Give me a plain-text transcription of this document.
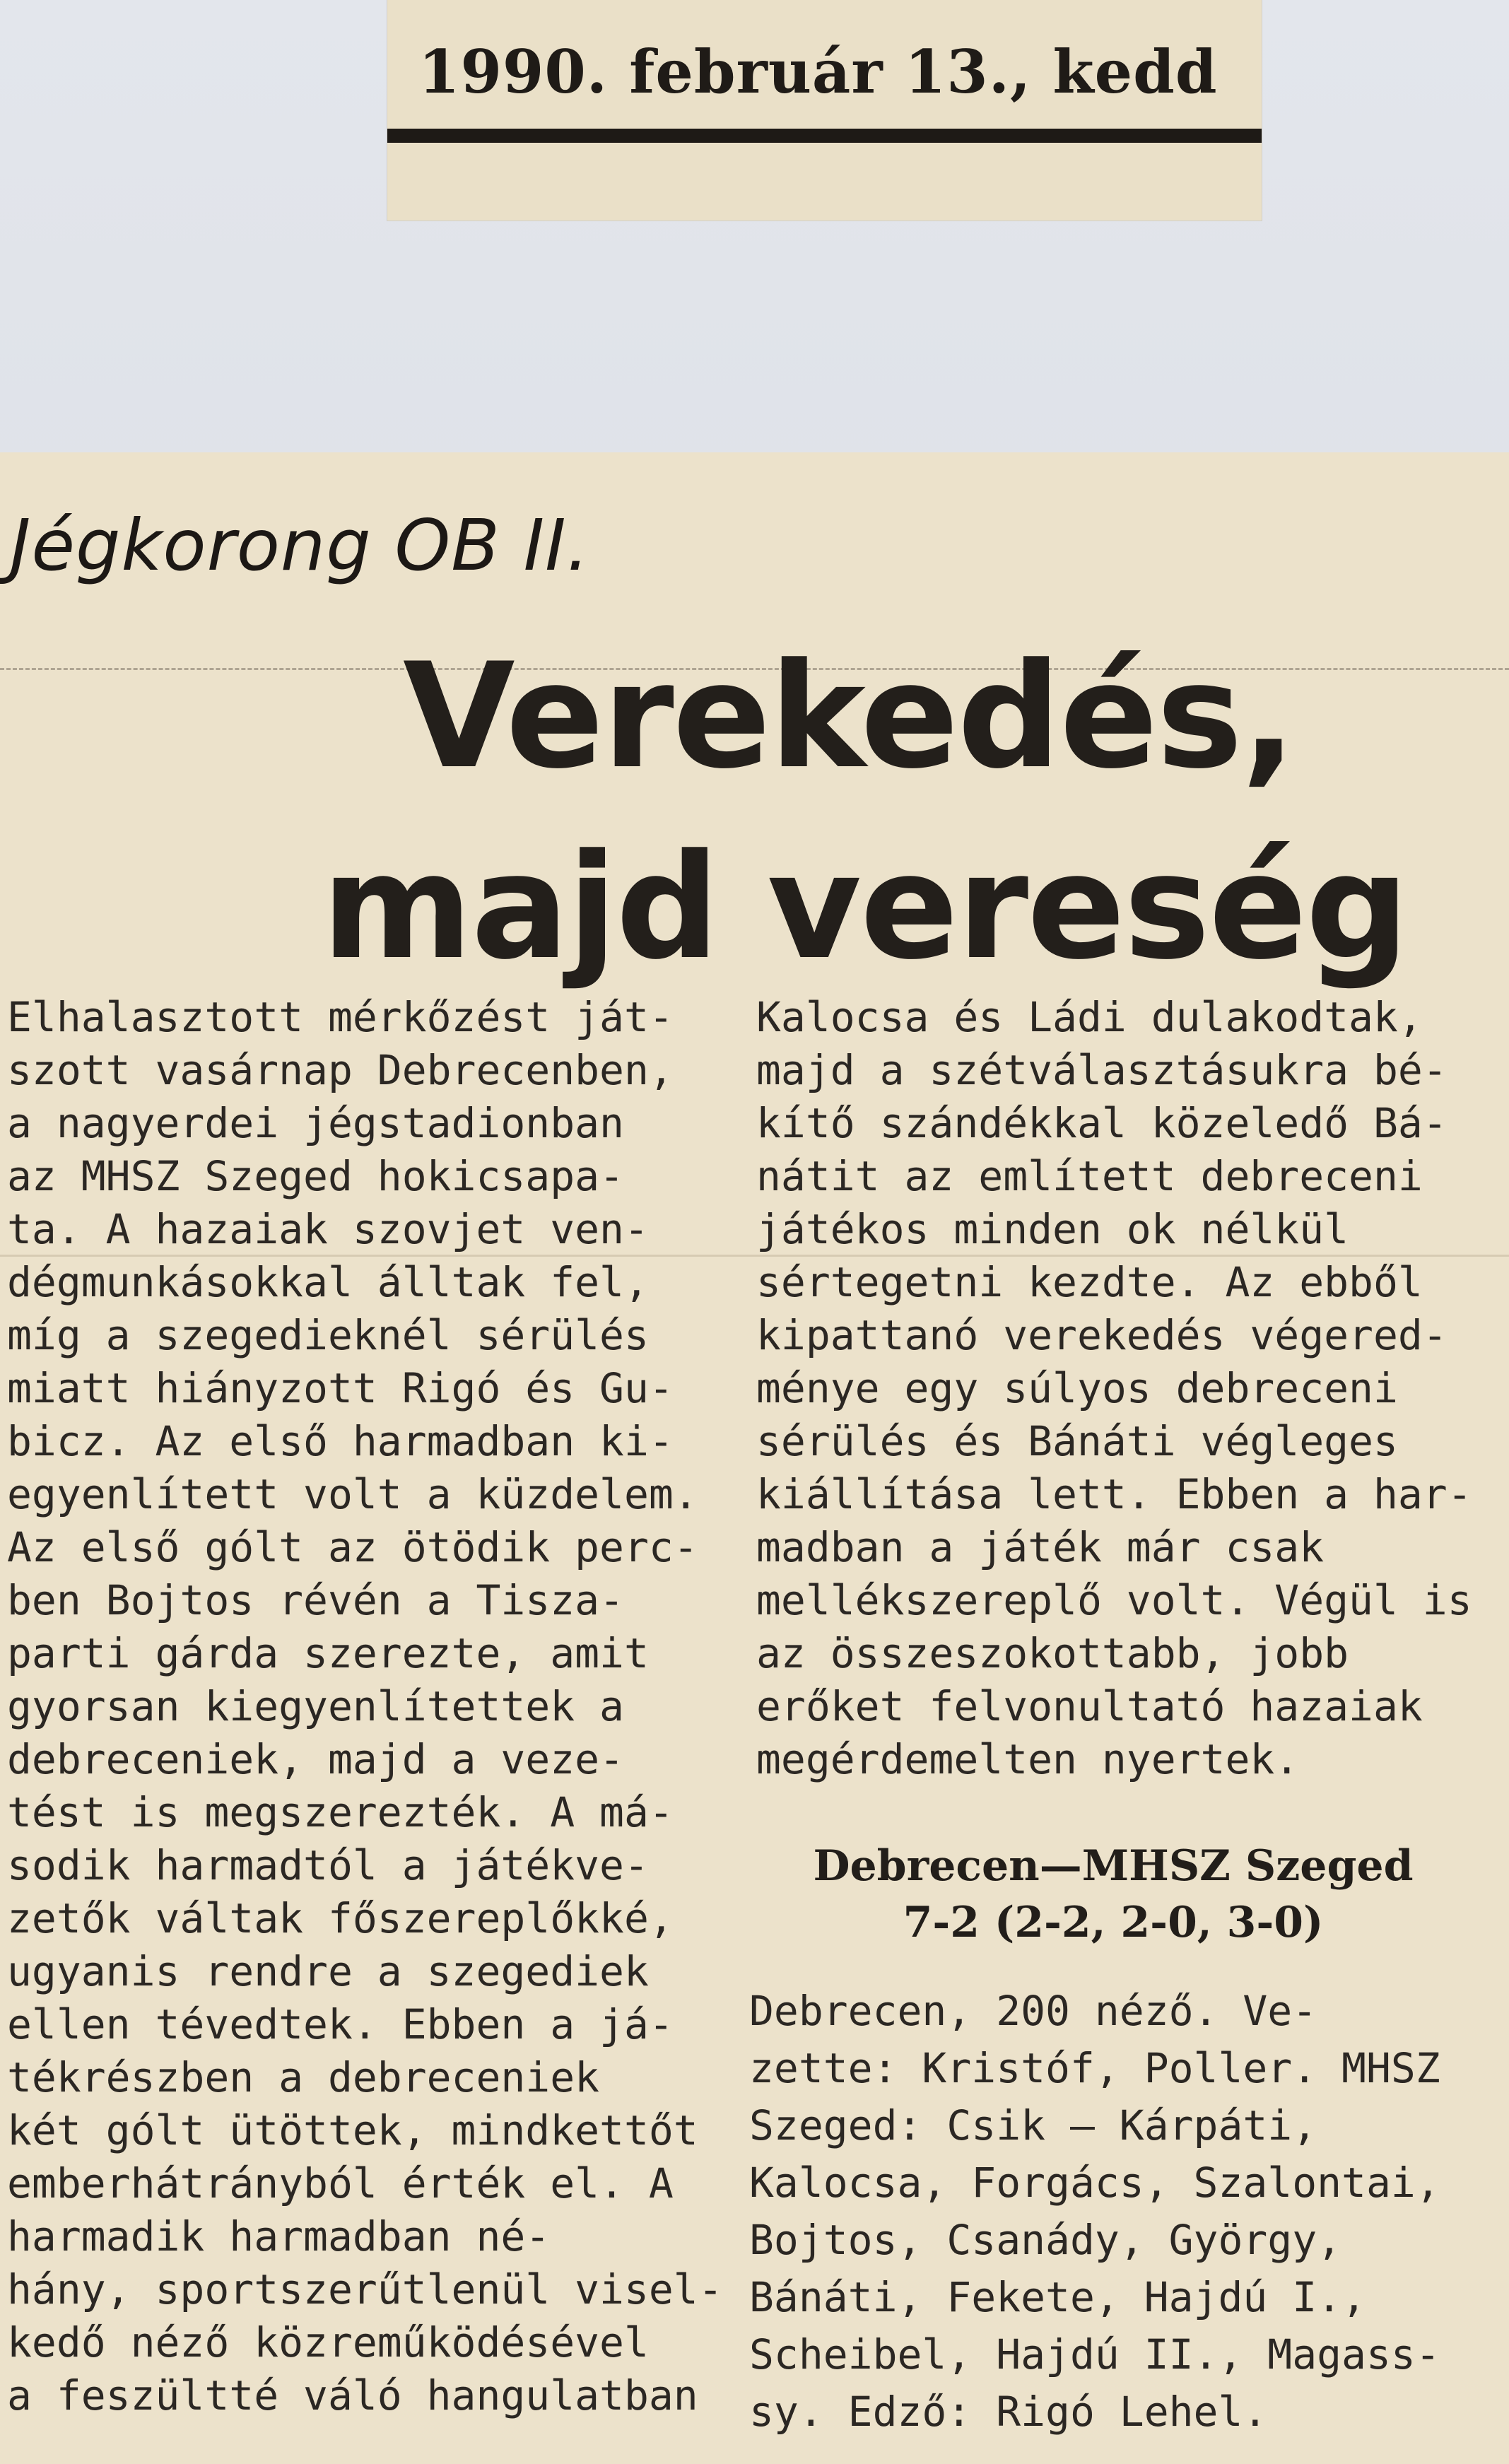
1990. február 13., kedd
Jégkorong OB II.
Verekedés,
majd vereség
Elhalasztott mérkőzést ját-
szott vasárnap Debrecenben,
a nagyerdei jégstadionban
az MHSZ Szeged hokicsapa-
ta. A hazaiak szovjet ven-
dégmunkásokkal álltak fel,
míg a szegedieknél sérülés
miatt hiányzott Rigó és Gu-
bicz. Az első harmadban ki-
egyenlített volt a küzdelem.
Az első gólt az ötödik perc-
ben Bojtos révén a Tisza-
parti gárda szerezte, amit
gyorsan kiegyenlítettek a
debreceniek, majd a veze-
tést is megszerezték. A má-
sodik harmadtól a játékve-
zetők váltak főszereplőkké,
ugyanis rendre a szegediek
ellen tévedtek. Ebben a já-
tékrészben a debreceniek
két gólt ütöttek, mindkettőt
emberhátrányból érték el. A
harmadik harmadban né-
hány, sportszerűtlenül visel-
kedő néző közreműködésével
a feszültté váló hangulatban
Kalocsa és Ládi dulakodtak,
majd a szétválasztásukra bé-
kítő szándékkal közeledő Bá-
nátit az említett debreceni
játékos minden ok nélkül
sértegetni kezdte. Az ebből
kipattanó verekedés végered-
ménye egy súlyos debreceni
sérülés és Bánáti végleges
kiállítása lett. Ebben a har-
madban a játék már csak
mellékszereplő volt. Végül is
az összeszokottabb, jobb
erőket felvonultató hazaiak
megérdemelten nyertek.
Debrecen—MHSZ Szeged
7-2 (2-2, 2-0, 3-0)
Debrecen, 200 néző. Ve-
zette: Kristóf, Poller. MHSZ
Szeged: Csik — Kárpáti,
Kalocsa, Forgács, Szalontai,
Bojtos, Csanády, György,
Bánáti, Fekete, Hajdú I.,
Scheibel, Hajdú II., Magass-
sy. Edző: Rigó Lehel.
